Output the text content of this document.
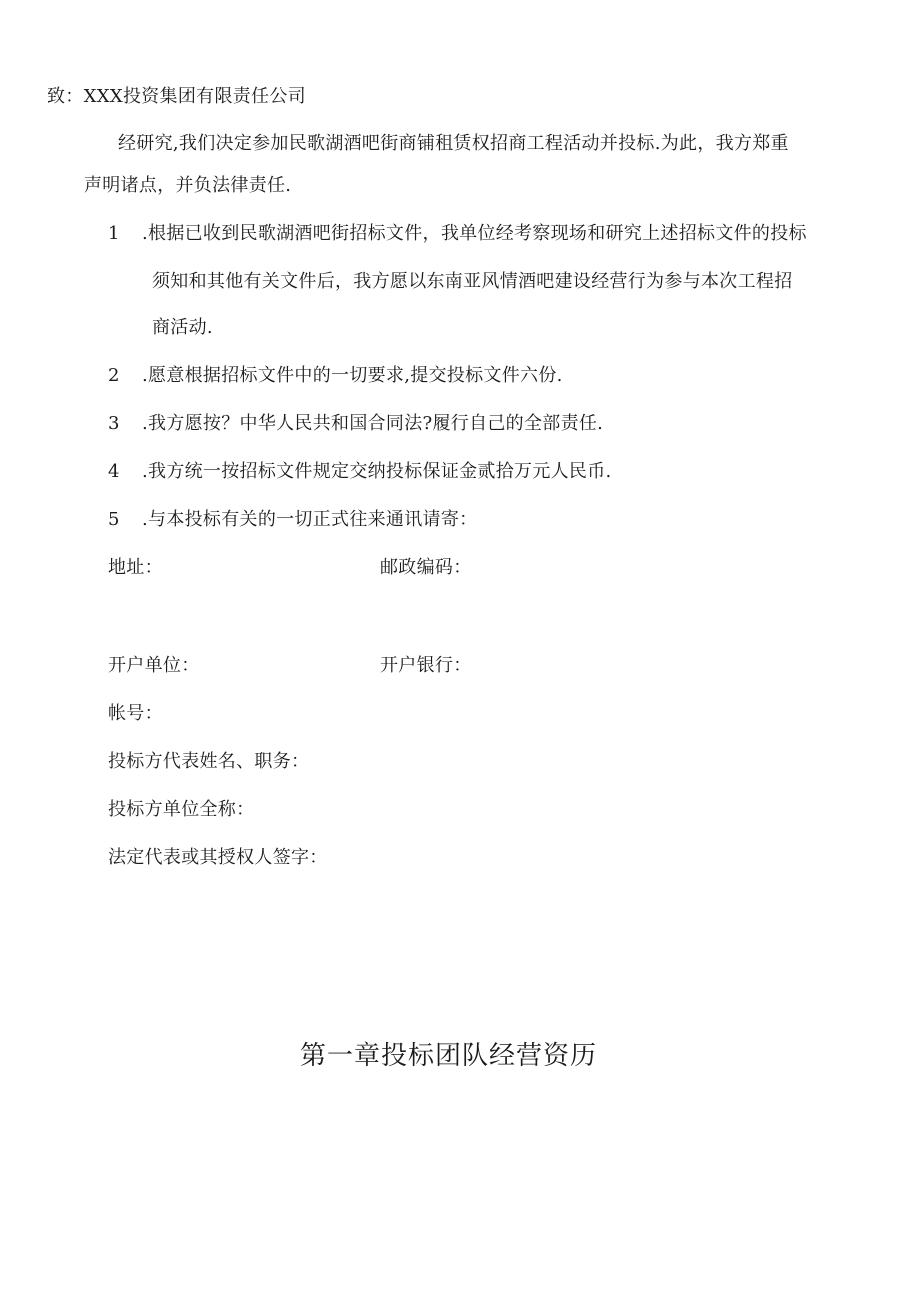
致：XXX投资集团有限责任公司
经研究,我们决定参加民歌湖酒吧街商铺租赁权招商工程活动并投标.为此，我方郑重
声明诸点，并负法律责任.
1 .根据已收到民歌湖酒吧街招标文件，我单位经考察现场和研究上述招标文件的投标
须知和其他有关文件后，我方愿以东南亚风情酒吧建设经营行为参与本次工程招
商活动.
2 .愿意根据招标文件中的一切要求,提交投标文件六份.
3 .我方愿按？中华人民共和国合同法?履行自己的全部责任.
4 .我方统一按招标文件规定交纳投标保证金贰拾万元人民币.
5 .与本投标有关的一切正式往来通讯请寄：
地址：	邮政编码：
开户单位：	开户银行：
帐号：
投标方代表姓名、职务：
投标方单位全称：
法定代表或其授权人签字：
第一章投标团队经营资历
